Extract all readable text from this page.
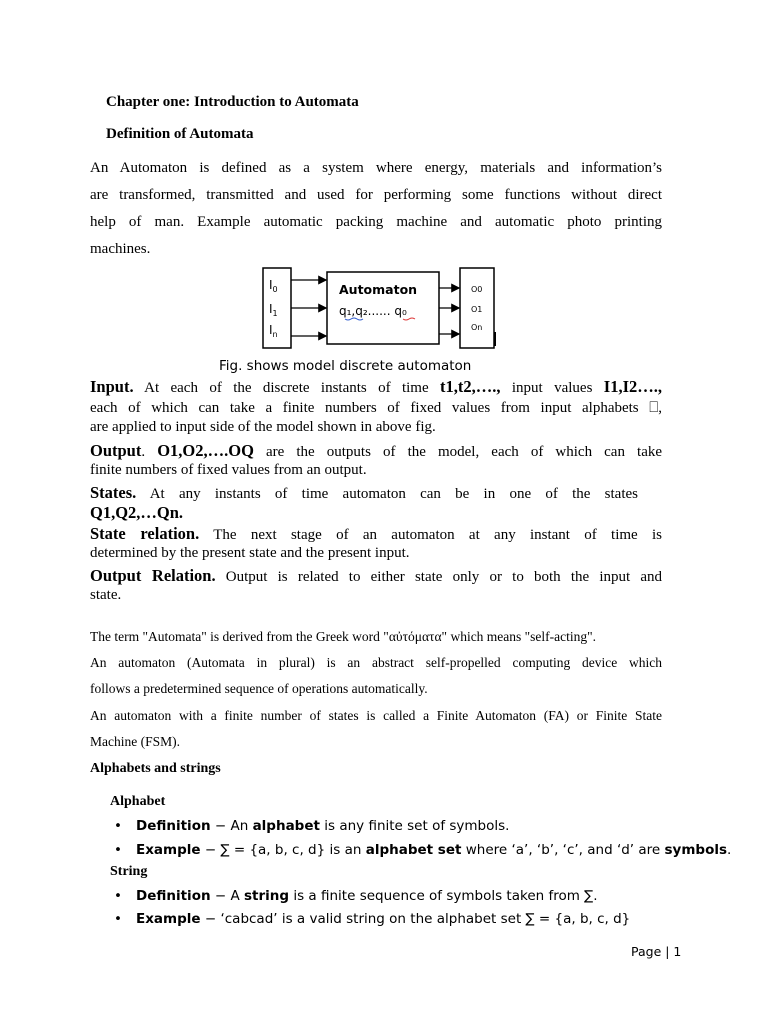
Chapter one: Introduction to Automata
Definition of Automata
An Automaton is defined as a system where energy, materials and information’s
are transformed, transmitted and used for performing some functions without direct
help of man. Example automatic packing machine and automatic photo printing
machines.
$I_0$
$I_1$
$I_n$
Automaton
q₁,q₂...... q₀
O0
O1
On
Fig. shows model discrete automaton
Input. At each of the discrete instants of time t1,t2,…., input values I1,I2….,
each of which can take a finite numbers of fixed values from input alphabets ⎕,
are applied to input side of the model shown in above fig.
Output. O1,O2,….OQ are the outputs of the model, each of which can take
finite numbers of fixed values from an output.
States. At any instants of time automaton can be in one of the states
Q1,Q2,…Qn.
State relation. The next stage of an automaton at any instant of time is
determined by the present state and the present input.
Output Relation. Output is related to either state only or to both the input and
state.
The term "Automata" is derived from the Greek word "αὐτόματα" which means "self-acting".
An automaton (Automata in plural) is an abstract self-propelled computing device which
follows a predetermined sequence of operations automatically.
An automaton with a finite number of states is called a Finite Automaton (FA) or Finite State
Machine (FSM).
Alphabets and strings
Alphabet
• Definition − An alphabet is any finite set of symbols.
• Example − ∑ = {a, b, c, d} is an alphabet set where ‘a’, ‘b’, ‘c’, and ‘d’ are symbols.
String
• Definition − A string is a finite sequence of symbols taken from ∑.
• Example − ‘cabcad’ is a valid string on the alphabet set ∑ = {a, b, c, d}
Page | 1
